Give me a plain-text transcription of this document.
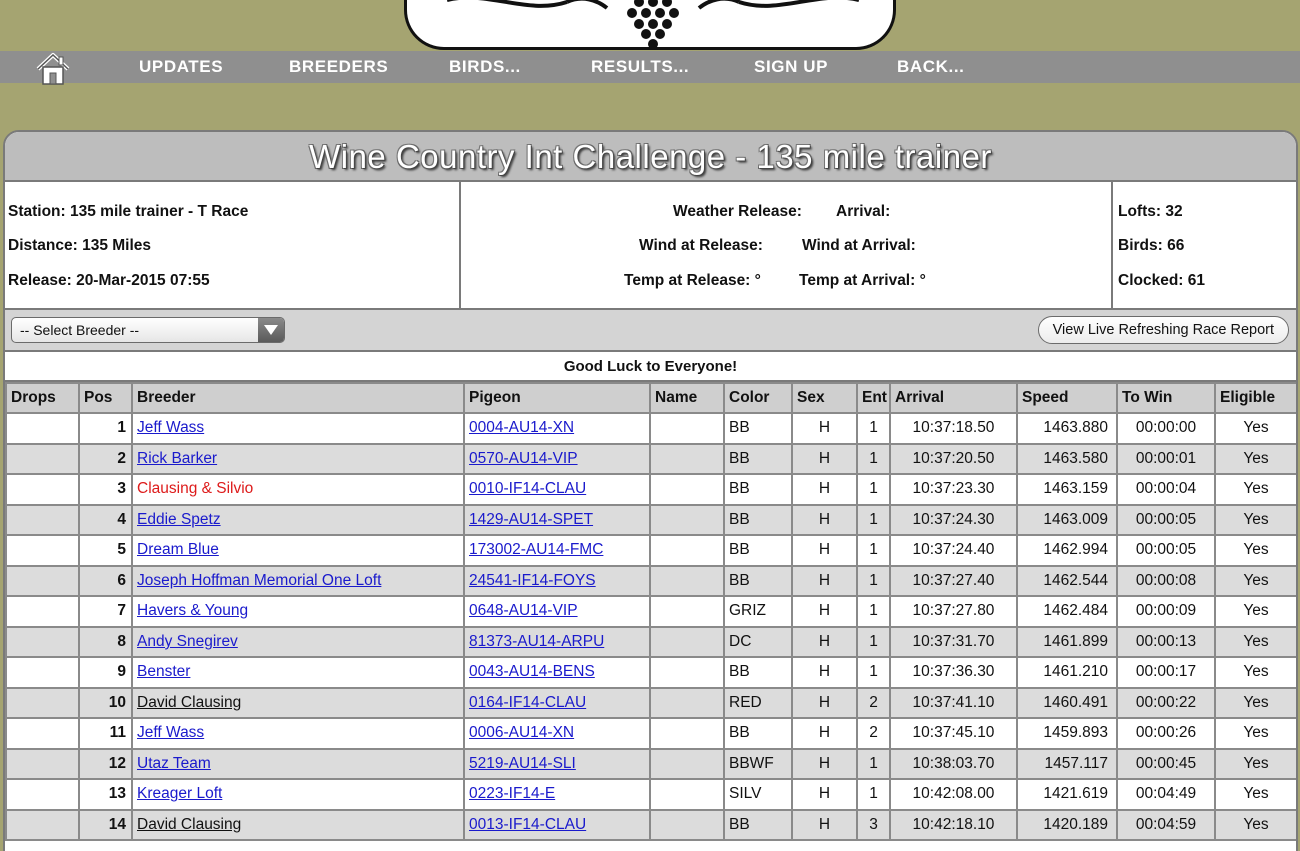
UPDATES	BREEDERS	BIRDS...	RESULTS...	SIGN UP	BACK...
Wine Country Int Challenge - 135 mile trainer
Station: 135 mile trainer - T Race
Distance: 135 Miles
Release: 20-Mar-2015 07:55
Weather Release: Arrival:
Wind at Release:	Wind at Arrival:
Temp at Release: ° Temp at Arrival: °
Lofts: 32
Birds: 66
Clocked: 61
-- Select Breeder --	View Live Refreshing Race Report
Good Luck to Everyone!
Drops	Pos	Breeder	Pigeon	Name	Color	Sex	Ent	Arrival	Speed	To Win	Eligible
	1	Jeff Wass	0004-AU14-XN		BB	H	1	10:37:18.50	1463.880	00:00:00	Yes
	2	Rick Barker	0570-AU14-VIP		BB	H	1	10:37:20.50	1463.580	00:00:01	Yes
	3	Clausing & Silvio	0010-IF14-CLAU		BB	H	1	10:37:23.30	1463.159	00:00:04	Yes
	4	Eddie Spetz	1429-AU14-SPET		BB	H	1	10:37:24.30	1463.009	00:00:05	Yes
	5	Dream Blue	173002-AU14-FMC		BB	H	1	10:37:24.40	1462.994	00:00:05	Yes
	6	Joseph Hoffman Memorial One Loft	24541-IF14-FOYS		BB	H	1	10:37:27.40	1462.544	00:00:08	Yes
	7	Havers & Young	0648-AU14-VIP		GRIZ	H	1	10:37:27.80	1462.484	00:00:09	Yes
	8	Andy Snegirev	81373-AU14-ARPU		DC	H	1	10:37:31.70	1461.899	00:00:13	Yes
	9	Benster	0043-AU14-BENS		BB	H	1	10:37:36.30	1461.210	00:00:17	Yes
	10	David Clausing	0164-IF14-CLAU		RED	H	2	10:37:41.10	1460.491	00:00:22	Yes
	11	Jeff Wass	0006-AU14-XN		BB	H	2	10:37:45.10	1459.893	00:00:26	Yes
	12	Utaz Team	5219-AU14-SLI		BBWF	H	1	10:38:03.70	1457.117	00:00:45	Yes
	13	Kreager Loft	0223-IF14-E		SILV	H	1	10:42:08.00	1421.619	00:04:49	Yes
	14	David Clausing	0013-IF14-CLAU		BB	H	3	10:42:18.10	1420.189	00:04:59	Yes
